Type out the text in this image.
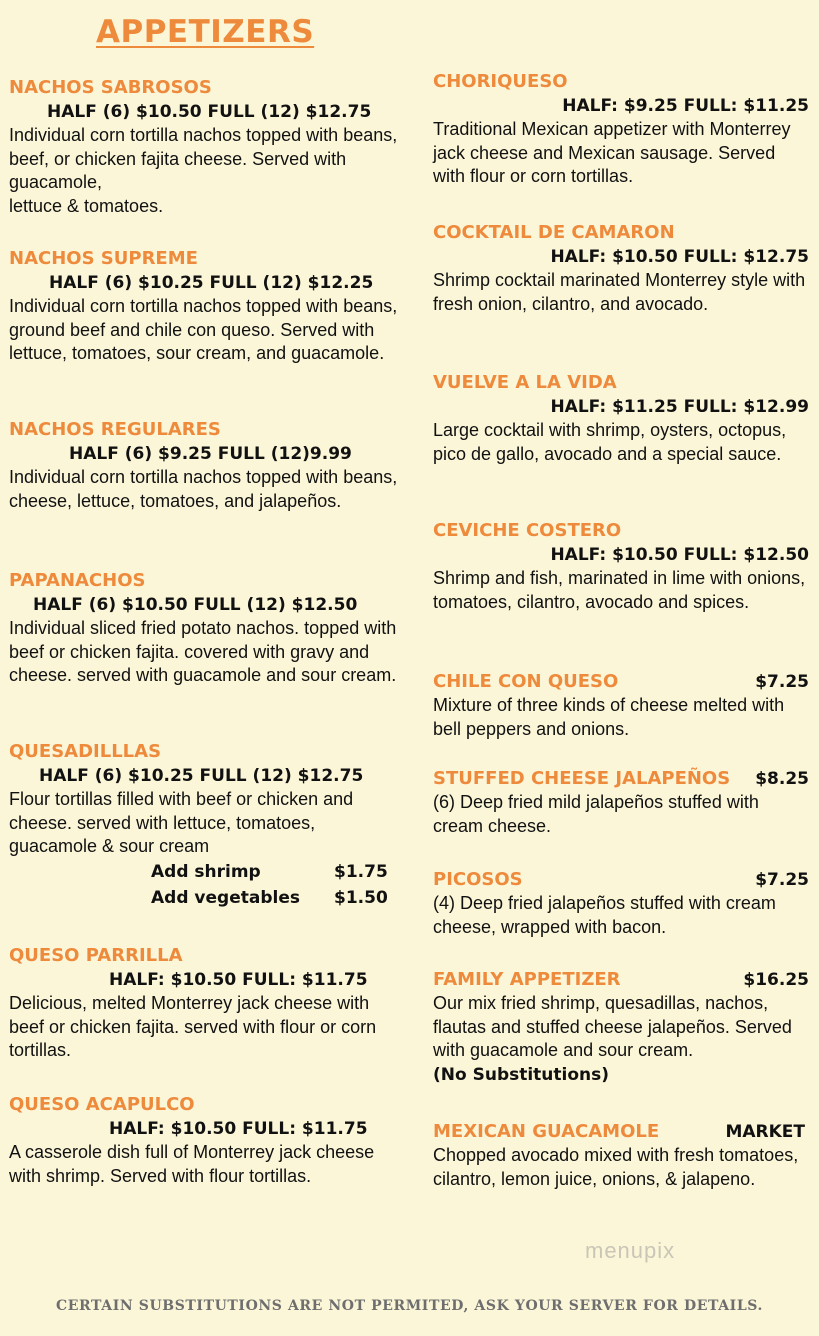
APPETIZERS
NACHOS SABROSOS
HALF (6) $10.50 FULL (12) $12.75
Individual corn tortilla nachos topped with beans, beef, or chicken fajita cheese. Served with guacamole,
lettuce & tomatoes.
NACHOS SUPREME
HALF (6) $10.25 FULL (12) $12.25
Individual corn tortilla nachos topped with beans, ground beef and chile con queso. Served with lettuce, tomatoes, sour cream, and guacamole.
NACHOS REGULARES
HALF (6) $9.25 FULL (12)9.99
Individual corn tortilla nachos topped with beans, cheese, lettuce, tomatoes, and jalapeños.
PAPANACHOS
HALF (6) $10.50 FULL (12) $12.50
Individual sliced fried potato nachos. topped with beef or chicken fajita. covered with gravy and cheese. served with guacamole and sour cream.
QUESADILLLAS
HALF (6) $10.25 FULL (12) $12.75
Flour tortillas filled with beef or chicken and cheese. served with lettuce, tomatoes, guacamole & sour cream
Add shrimp	$1.75
Add vegetables	$1.50
QUESO PARRILLA
HALF: $10.50 FULL: $11.75
Delicious, melted Monterrey jack cheese with beef or chicken fajita. served with flour or corn tortillas.
QUESO ACAPULCO
HALF: $10.50 FULL: $11.75
A casserole dish full of Monterrey jack cheese with shrimp. Served with flour tortillas.
CHORIQUESO
HALF: $9.25 FULL: $11.25
Traditional Mexican appetizer with Monterrey jack cheese and Mexican sausage. Served with flour or corn tortillas.
COCKTAIL DE CAMARON
HALF: $10.50 FULL: $12.75
Shrimp cocktail marinated Monterrey style with fresh onion, cilantro, and avocado.
VUELVE A LA VIDA
HALF: $11.25 FULL: $12.99
Large cocktail with shrimp, oysters, octopus, pico de gallo, avocado and a special sauce.
CEVICHE COSTERO
HALF: $10.50 FULL: $12.50
Shrimp and fish, marinated in lime with onions, tomatoes, cilantro, avocado and spices.
CHILE CON QUESO	$7.25
Mixture of three kinds of cheese melted with bell peppers and onions.
STUFFED CHEESE JALAPEÑOS $8.25
(6) Deep fried mild jalapeños stuffed with cream cheese.
PICOSOS	$7.25
(4) Deep fried jalapeños stuffed with cream cheese, wrapped with bacon.
FAMILY APPETIZER	$16.25
Our mix fried shrimp, quesadillas, nachos, flautas and stuffed cheese jalapeños. Served with guacamole and sour cream.
(No Substitutions)
MEXICAN GUACAMOLE	MARKET
Chopped avocado mixed with fresh tomatoes, cilantro, lemon juice, onions, & jalapeno.
menupix
CERTAIN SUBSTITUTIONS ARE NOT PERMITED, ASK YOUR SERVER FOR DETAILS.
